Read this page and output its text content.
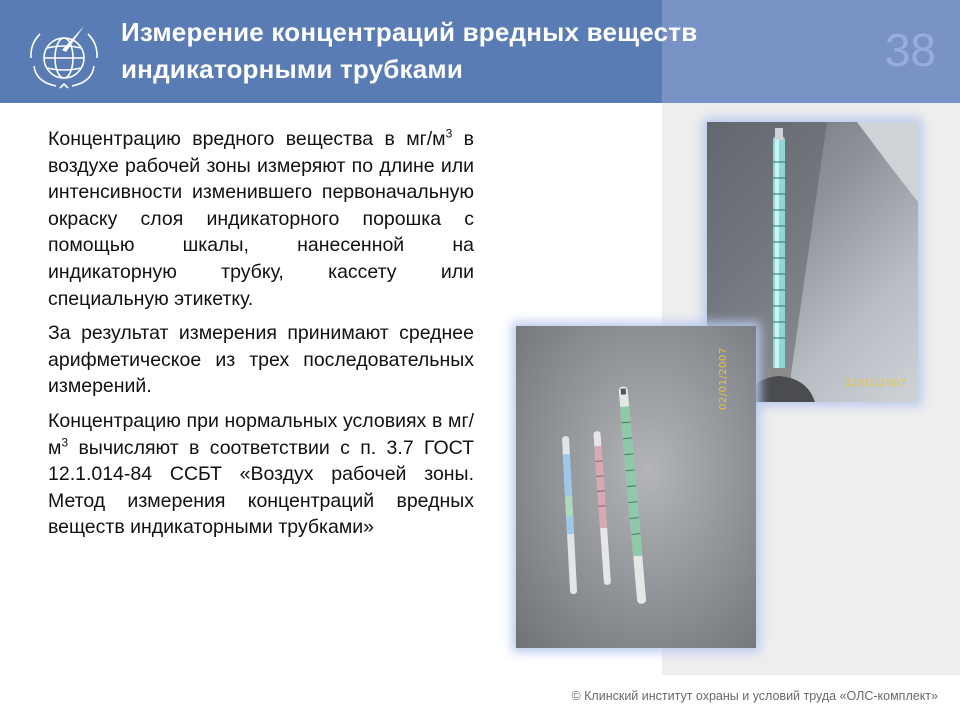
Измерение концентраций вредных веществ
индикаторными трубками	38

Концентрацию вредного вещества в $мг/м^3$ в воздухе рабочей зоны измеряют по длине или интенсивности изменившего первоначальную окраску слоя индикаторного порошка с помощью шкалы, нанесенной на индикаторную трубку, кассету или специальную этикетку.

За результат измерения принимают среднее арифметическое из трех последовательных измерений.

Концентрацию при нормальных условиях в $мг/м^3$ вычисляют в соответствии с п. 3.7 ГОСТ 12.1.014-84 ССБТ «Воздух рабочей зоны. Метод измерения концентраций вредных веществ индикаторными трубками»

02/01/2007
02/01/2007
© Клинский институт охраны и условий труда «ОЛС-комплект»
